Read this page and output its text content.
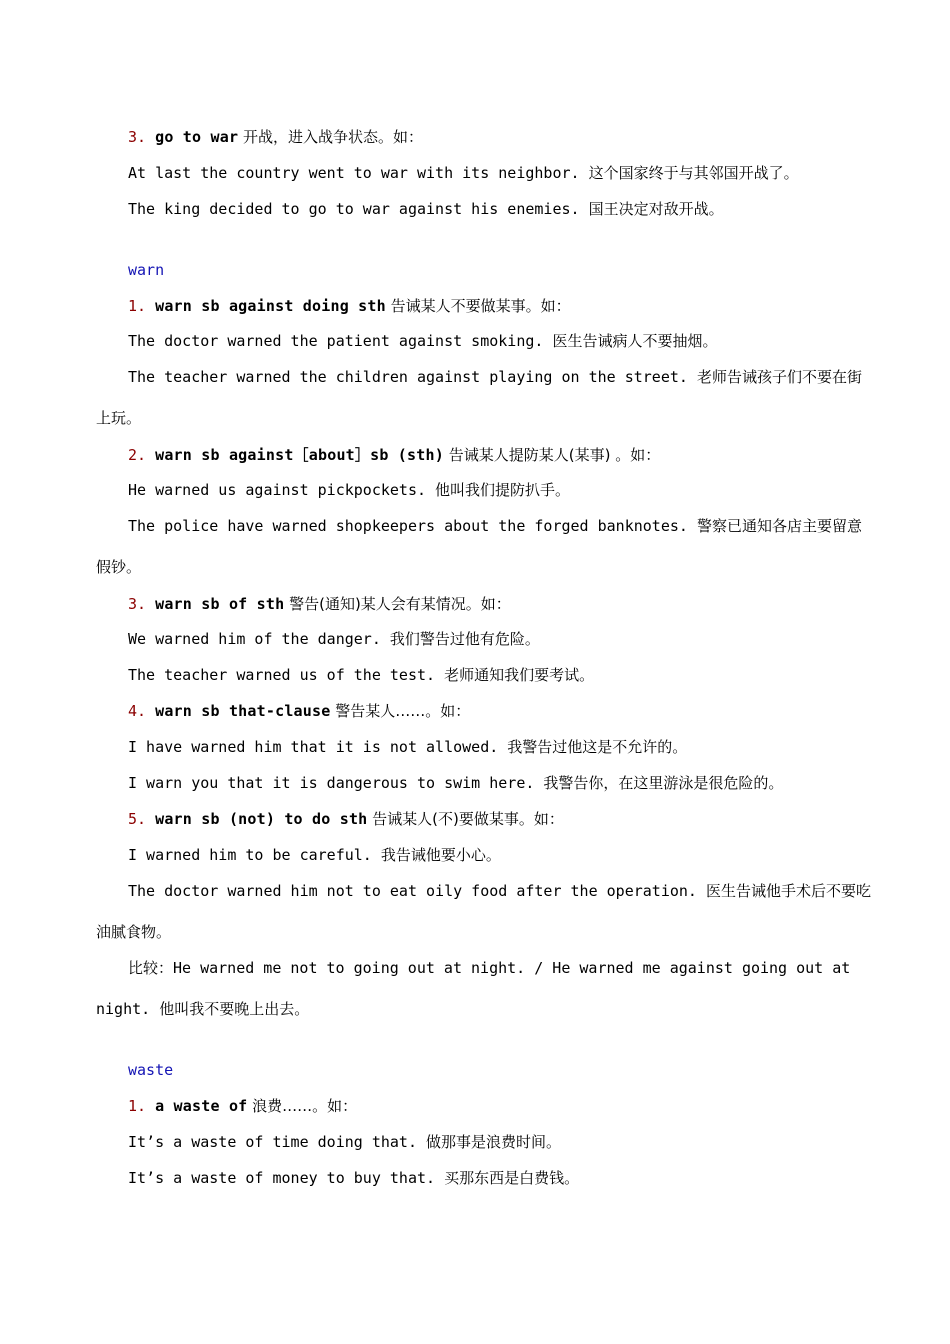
3. go to war 开战，进入战争状态。如：
At last the country went to war with its neighbor. 这个国家终于与其邻国开战了。
The king decided to go to war against his enemies. 国王决定对敌开战。
warn
1. warn sb against doing sth 告诫某人不要做某事。如：
The doctor warned the patient against smoking. 医生告诫病人不要抽烟。
The teacher warned the children against playing on the street. 老师告诫孩子们不要在街
上玩。
2. warn sb against［about］sb (sth) 告诫某人提防某人(某事) 。如：
He warned us against pickpockets. 他叫我们提防扒手。
The police have warned shopkeepers about the forged banknotes. 警察已通知各店主要留意
假钞。
3. warn sb of sth 警告(通知)某人会有某情况。如：
We warned him of the danger. 我们警告过他有危险。
The teacher warned us of the test. 老师通知我们要考试。
4. warn sb that-clause 警告某人……。如：
I have warned him that it is not allowed. 我警告过他这是不允许的。
I warn you that it is dangerous to swim here. 我警告你，在这里游泳是很危险的。
5. warn sb (not) to do sth 告诫某人(不)要做某事。如：
I warned him to be careful. 我告诫他要小心。
The doctor warned him not to eat oily food after the operation. 医生告诫他手术后不要吃
油腻食物。
比较：He warned me not to going out at night. / He warned me against going out at
night. 他叫我不要晚上出去。
waste
1. a waste of 浪费……。如：
It’s a waste of time doing that. 做那事是浪费时间。
It’s a waste of money to buy that. 买那东西是白费钱。
